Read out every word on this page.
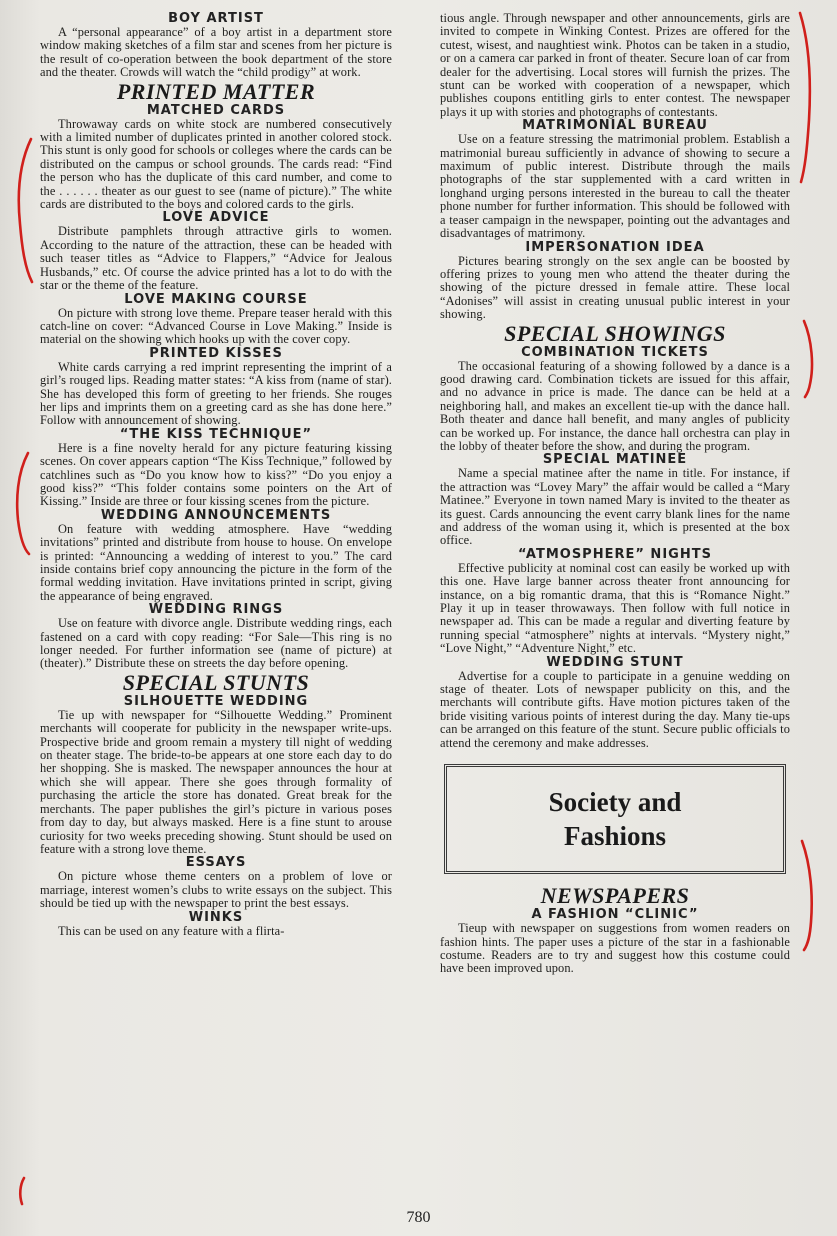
BOY ARTIST

A “personal appearance” of a boy artist in a department store window making sketches of a film star and scenes from her picture is the result of co-operation between the book department of the store and the theater. Crowds will watch the “child prodigy” at work.

PRINTED MATTER
MATCHED CARDS

Throwaway cards on white stock are numbered consecutively with a limited number of duplicates printed in another colored stock. This stunt is only good for schools or colleges where the cards can be distributed on the campus or school grounds. The cards read: “Find the person who has the duplicate of this card number, and come to the . . . . . . theater as our guest to see (name of picture).” The white cards are distributed to the boys and colored cards to the girls.

LOVE ADVICE

Distribute pamphlets through attractive girls to women. According to the nature of the attraction, these can be headed with such teaser titles as “Advice to Flappers,” “Advice for Jealous Husbands,” etc. Of course the advice printed has a lot to do with the star or the theme of the feature.

LOVE MAKING COURSE

On picture with strong love theme. Prepare teaser herald with this catch-line on cover: “Advanced Course in Love Making.” Inside is material on the showing which hooks up with the cover copy.

PRINTED KISSES

White cards carrying a red imprint representing the imprint of a girl’s rouged lips. Reading matter states: “A kiss from (name of star). She has developed this form of greeting to her friends. She rouges her lips and imprints them on a greeting card as she has done here.” Follow with announcement of showing.

“THE KISS TECHNIQUE”

Here is a fine novelty herald for any picture featuring kissing scenes. On cover appears caption “The Kiss Technique,” followed by catchlines such as “Do you know how to kiss?” “Do you enjoy a good kiss?” “This folder contains some pointers on the Art of Kissing.” Inside are three or four kissing scenes from the picture.

WEDDING ANNOUNCEMENTS

On feature with wedding atmosphere. Have “wedding invitations” printed and distribute from house to house. On envelope is printed: “Announcing a wedding of interest to you.” The card inside contains brief copy announcing the picture in the form of the formal wedding invitation. Have invitations printed in script, giving the appearance of being engraved.

WEDDING RINGS

Use on feature with divorce angle. Distribute wedding rings, each fastened on a card with copy reading: “For Sale—This ring is no longer needed. For further information see (name of picture) at (theater).” Distribute these on streets the day before opening.

SPECIAL STUNTS
SILHOUETTE WEDDING

Tie up with newspaper for “Silhouette Wedding.” Prominent merchants will cooperate for publicity in the newspaper write-ups. Prospective bride and groom remain a mystery till night of wedding on theater stage. The bride-to-be appears at one store each day to do her shopping. She is masked. The newspaper announces the hour at which she will appear. There she goes through formality of purchasing the article the store has donated. Great break for the merchants. The paper publishes the girl’s picture in various poses from day to day, but always masked. Here is a fine stunt to arouse curiosity for two weeks preceding showing. Stunt should be used on feature with a strong love theme.

ESSAYS

On picture whose theme centers on a problem of love or marriage, interest women’s clubs to write essays on the subject. This should be tied up with the newspaper to print the best essays.

WINKS

This can be used on any feature with a flirta-

tious angle. Through newspaper and other announcements, girls are invited to compete in Winking Contest. Prizes are offered for the cutest, wisest, and naughtiest wink. Photos can be taken in a studio, or on a camera car parked in front of theater. Secure loan of car from dealer for the advertising. Local stores will furnish the prizes. The stunt can be worked with cooperation of a newspaper, which publishes coupons entitling girls to enter contest. The newspaper plays it up with stories and photographs of contestants.

MATRIMONIAL BUREAU

Use on a feature stressing the matrimonial problem. Establish a matrimonial bureau sufficiently in advance of showing to secure a maximum of public interest. Distribute through the mails photographs of the star supplemented with a card written in longhand urging persons interested in the bureau to call the theater phone number for further information. This should be followed with a teaser campaign in the newspaper, pointing out the advantages and disadvantages of matrimony.

IMPERSONATION IDEA

Pictures bearing strongly on the sex angle can be boosted by offering prizes to young men who attend the theater during the showing of the picture dressed in female attire. These local “Adonises” will assist in creating unusual public interest in your showing.

SPECIAL SHOWINGS
COMBINATION TICKETS

The occasional featuring of a showing followed by a dance is a good drawing card. Combination tickets are issued for this affair, and no advance in price is made. The dance can be held at a neighboring hall, and makes an excellent tie-up with the dance hall. Both theater and dance hall benefit, and many angles of publicity can be worked up. For instance, the dance hall orchestra can play in the lobby of theater before the show, and during the program.

SPECIAL MATINEE

Name a special matinee after the name in title. For instance, if the attraction was “Lovey Mary” the affair would be called a “Mary Matinee.” Everyone in town named Mary is invited to the theater as its guest. Cards announcing the event carry blank lines for the name and address of the woman using it, which is presented at the box office.

“ATMOSPHERE” NIGHTS

Effective publicity at nominal cost can easily be worked up with this one. Have large banner across theater front announcing for instance, on a big romantic drama, that this is “Romance Night.” Play it up in teaser throwaways. Then follow with full notice in newspaper ad. This can be made a regular and diverting feature by running special “atmosphere” nights at intervals. “Mystery night,” “Love Night,” “Adventure Night,” etc.

WEDDING STUNT

Advertise for a couple to participate in a genuine wedding on stage of theater. Lots of newspaper publicity on this, and the merchants will contribute gifts. Have motion pictures taken of the bride visiting various points of interest during the day. Many tie-ups can be arranged on this feature of the stunt. Secure public officials to attend the ceremony and make addresses.

Society and
Fashions
NEWSPAPERS
A FASHION “CLINIC”

Tieup with newspaper on suggestions from women readers on fashion hints. The paper uses a picture of the star in a fashionable costume. Readers are to try and suggest how this costume could have been improved upon.

780
